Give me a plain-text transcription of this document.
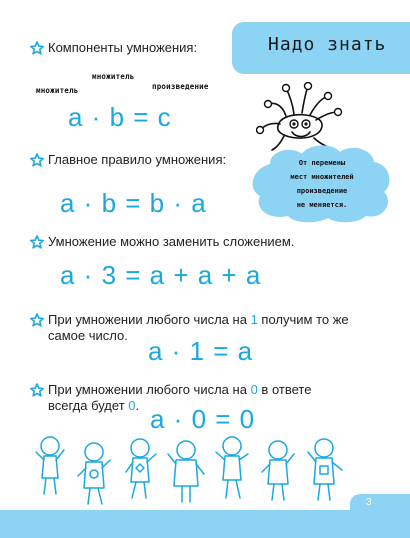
Надо знать
Компоненты умножения:
множитель
множитель
произведение
a · b = c
Главное правило умножения:
a · b = b · a
От перемены
мест множителей
произведение
не меняется.
Умножение можно заменить сложением.
a · 3 = a + a + a
При умножении любого числа на 1 получим то же
самое число.
a · 1 = a
При умножении любого числа на 0 в ответе
всегда будет 0. a · 0 = 0
3
